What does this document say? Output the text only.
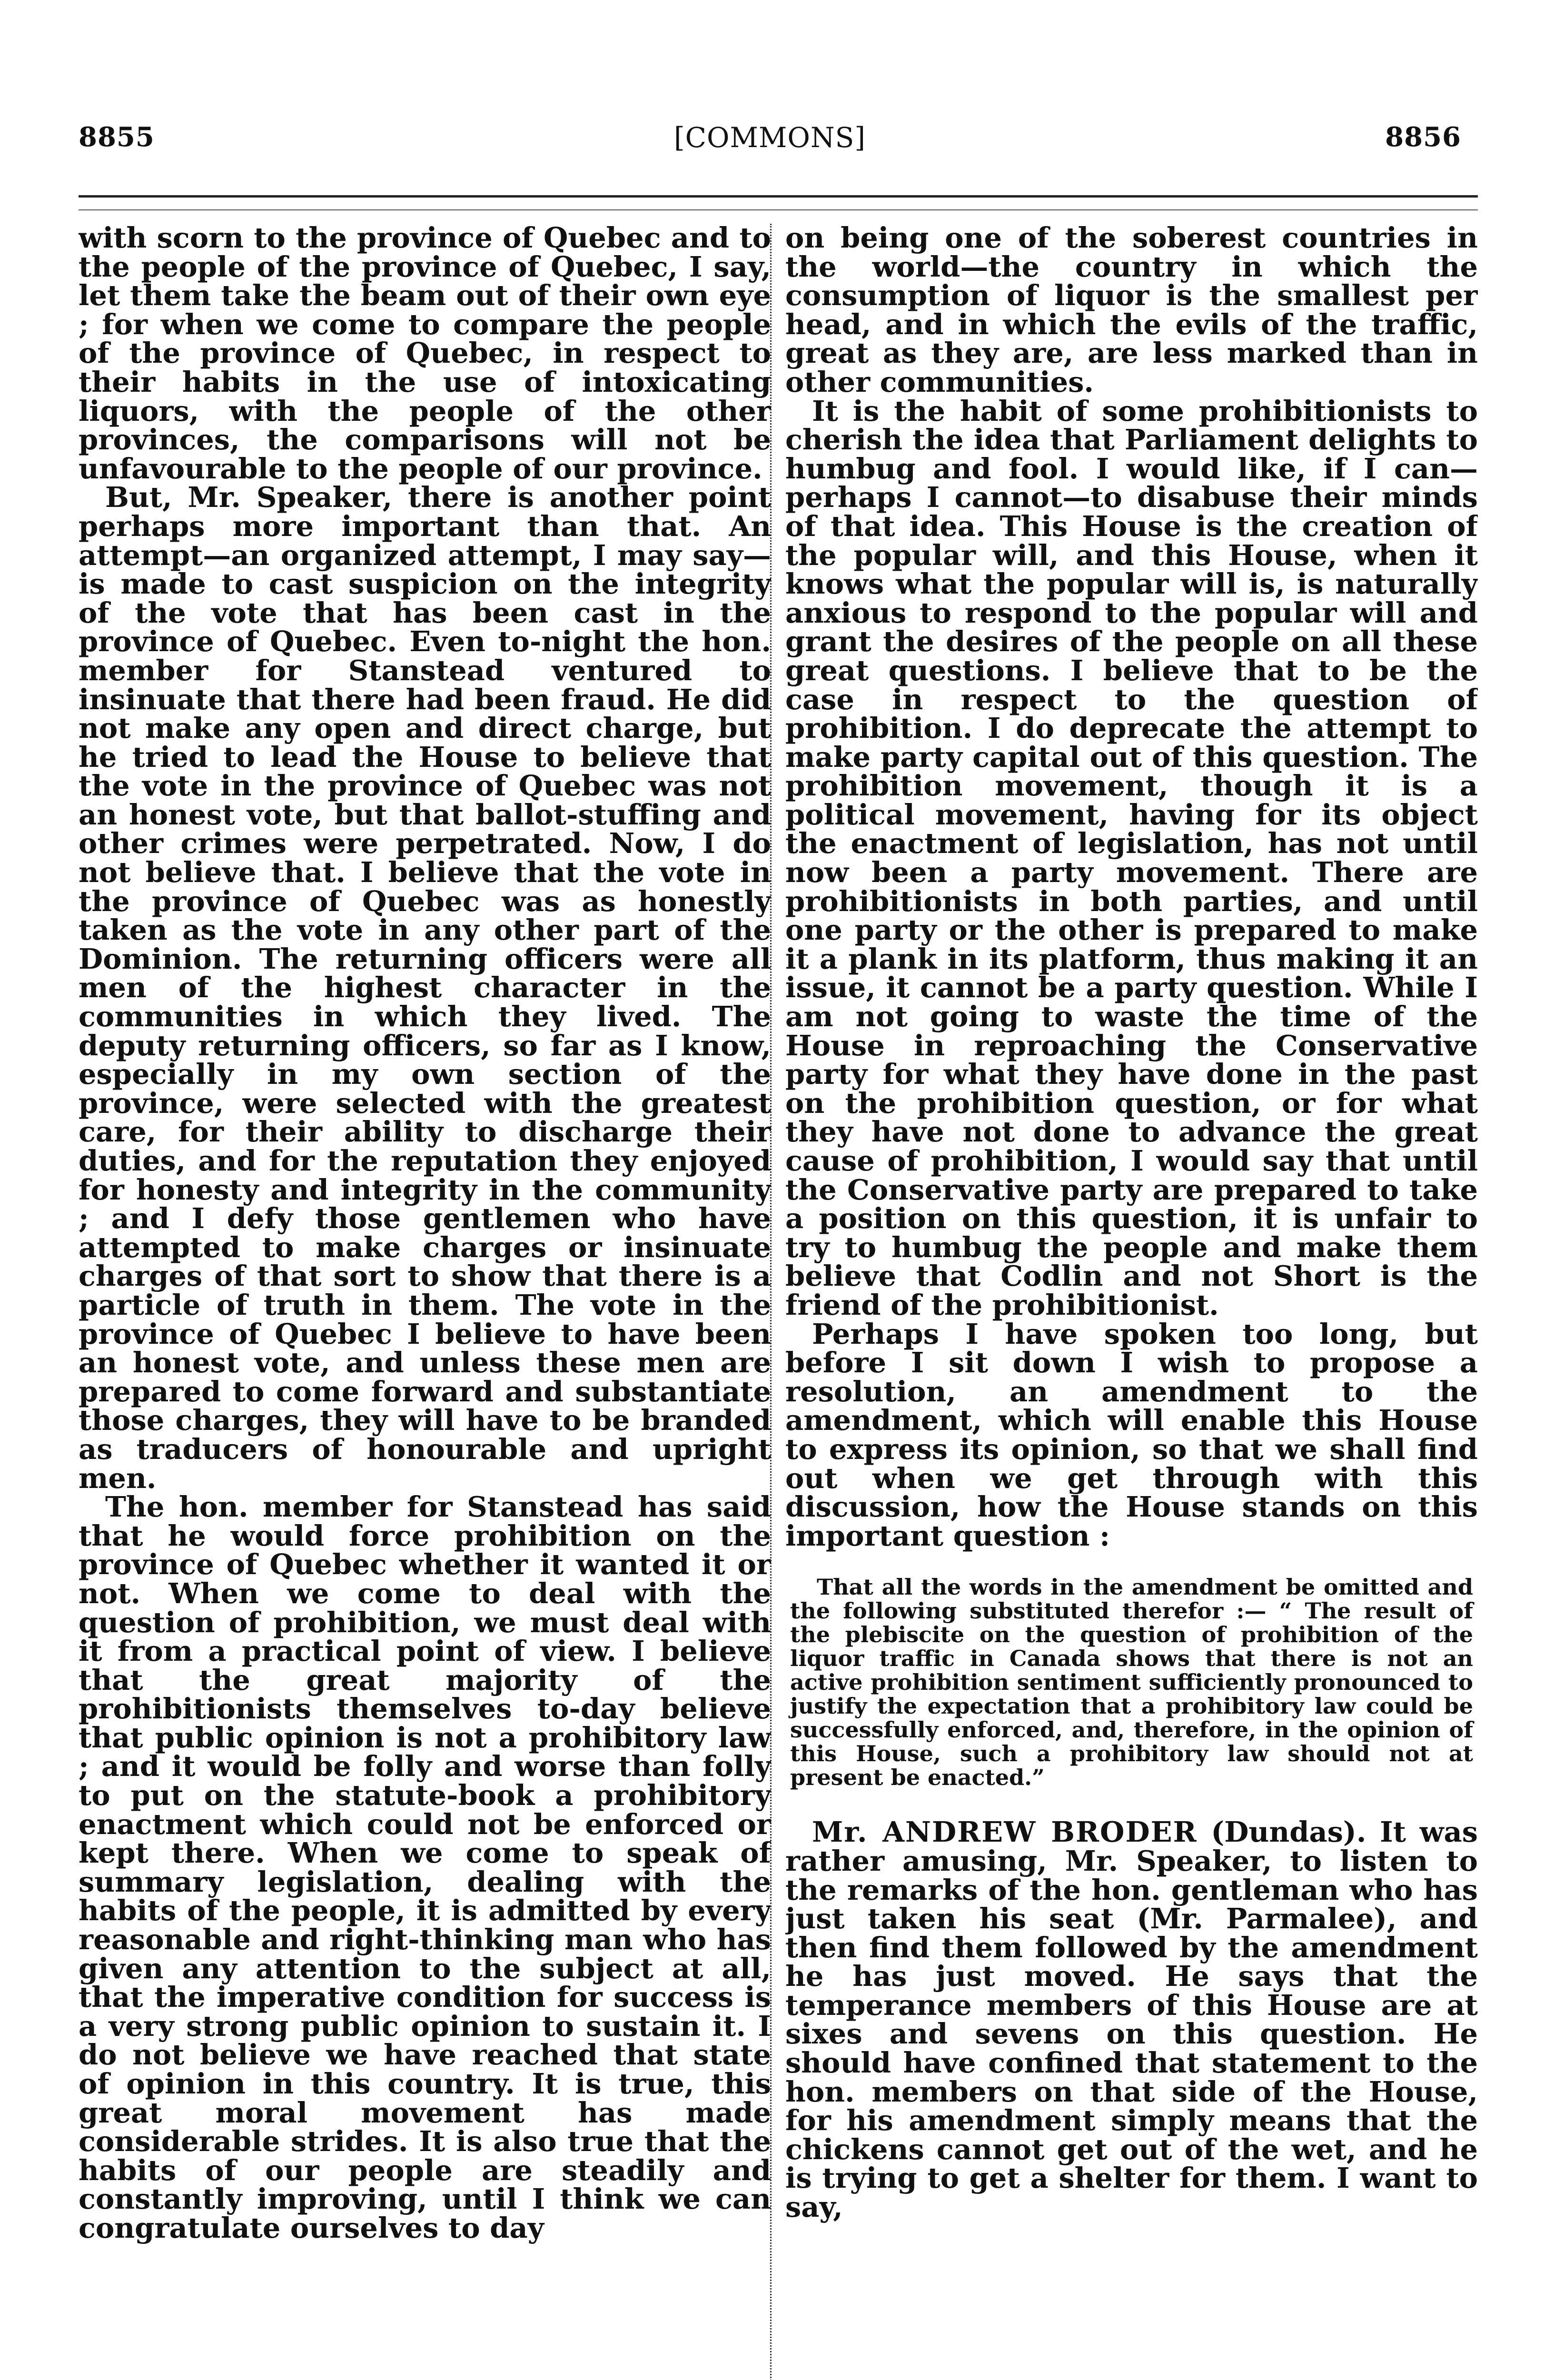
8855	[COMMONS]	8856

with scorn to the province of Quebec and to the people of the province of Quebec, I say, let them take the beam out of their own eye ; for when we come to compare the people of the province of Quebec, in respect to their habits in the use of intoxicating liquors, with the people of the other provinces, the comparisons will not be unfavourable to the people of our province.

But, Mr. Speaker, there is another point perhaps more important than that. An attempt—an organized attempt, I may say—is made to cast suspicion on the integrity of the vote that has been cast in the province of Quebec. Even to-night the hon. member for Stanstead ventured to insinuate that there had been fraud. He did not make any open and direct charge, but he tried to lead the House to believe that the vote in the province of Quebec was not an honest vote, but that ballot-stuffing and other crimes were perpetrated. Now, I do not believe that. I believe that the vote in the province of Quebec was as honestly taken as the vote in any other part of the Dominion. The returning officers were all men of the highest character in the communities in which they lived. The deputy returning officers, so far as I know, especially in my own section of the province, were selected with the greatest care, for their ability to discharge their duties, and for the reputation they enjoyed for honesty and integrity in the community ; and I defy those gentlemen who have attempted to make charges or insinuate charges of that sort to show that there is a particle of truth in them. The vote in the province of Quebec I believe to have been an honest vote, and unless these men are prepared to come forward and substantiate those charges, they will have to be branded as traducers of honourable and upright men.

The hon. member for Stanstead has said that he would force prohibition on the province of Quebec whether it wanted it or not. When we come to deal with the question of prohibition, we must deal with it from a practical point of view. I believe that the great majority of the prohibitionists themselves to-day believe that public opinion is not a prohibitory law ; and it would be folly and worse than folly to put on the statute-book a prohibitory enactment which could not be enforced or kept there. When we come to speak of summary legislation, dealing with the habits of the people, it is admitted by every reasonable and right-thinking man who has given any attention to the subject at all, that the imperative condition for success is a very strong public opinion to sustain it. I do not believe we have reached that state of opinion in this country. It is true, this great moral movement has made considerable strides. It is also true that the habits of our people are steadily and constantly improving, until I think we can congratulate ourselves to day

on being one of the soberest countries in the world—the country in which the consumption of liquor is the smallest per head, and in which the evils of the traffic, great as they are, are less marked than in other communities.

It is the habit of some prohibitionists to cherish the idea that Parliament delights to humbug and fool. I would like, if I can—perhaps I cannot—to disabuse their minds of that idea. This House is the creation of the popular will, and this House, when it knows what the popular will is, is naturally anxious to respond to the popular will and grant the desires of the people on all these great questions. I believe that to be the case in respect to the question of prohibition. I do deprecate the attempt to make party capital out of this question. The prohibition movement, though it is a political movement, having for its object the enactment of legislation, has not until now been a party movement. There are prohibitionists in both parties, and until one party or the other is prepared to make it a plank in its platform, thus making it an issue, it cannot be a party question. While I am not going to waste the time of the House in reproaching the Conservative party for what they have done in the past on the prohibition question, or for what they have not done to advance the great cause of prohibition, I would say that until the Conservative party are prepared to take a position on this question, it is unfair to try to humbug the people and make them believe that Codlin and not Short is the friend of the prohibitionist.

Perhaps I have spoken too long, but before I sit down I wish to propose a resolution, an amendment to the amendment, which will enable this House to express its opinion, so that we shall find out when we get through with this discussion, how the House stands on this important question :

That all the words in the amendment be omitted and the following substituted therefor :— “ The result of the plebiscite on the question of prohibition of the liquor traffic in Canada shows that there is not an active prohibition sentiment sufficiently pronounced to justify the expectation that a prohibitory law could be successfully enforced, and, therefore, in the opinion of this House, such a prohibitory law should not at present be enacted.”

Mr. ANDREW BRODER (Dundas). It was rather amusing, Mr. Speaker, to listen to the remarks of the hon. gentleman who has just taken his seat (Mr. Parmalee), and then find them followed by the amendment he has just moved. He says that the temperance members of this House are at sixes and sevens on this question. He should have confined that statement to the hon. members on that side of the House, for his amendment simply means that the chickens cannot get out of the wet, and he is trying to get a shelter for them. I want to say,
